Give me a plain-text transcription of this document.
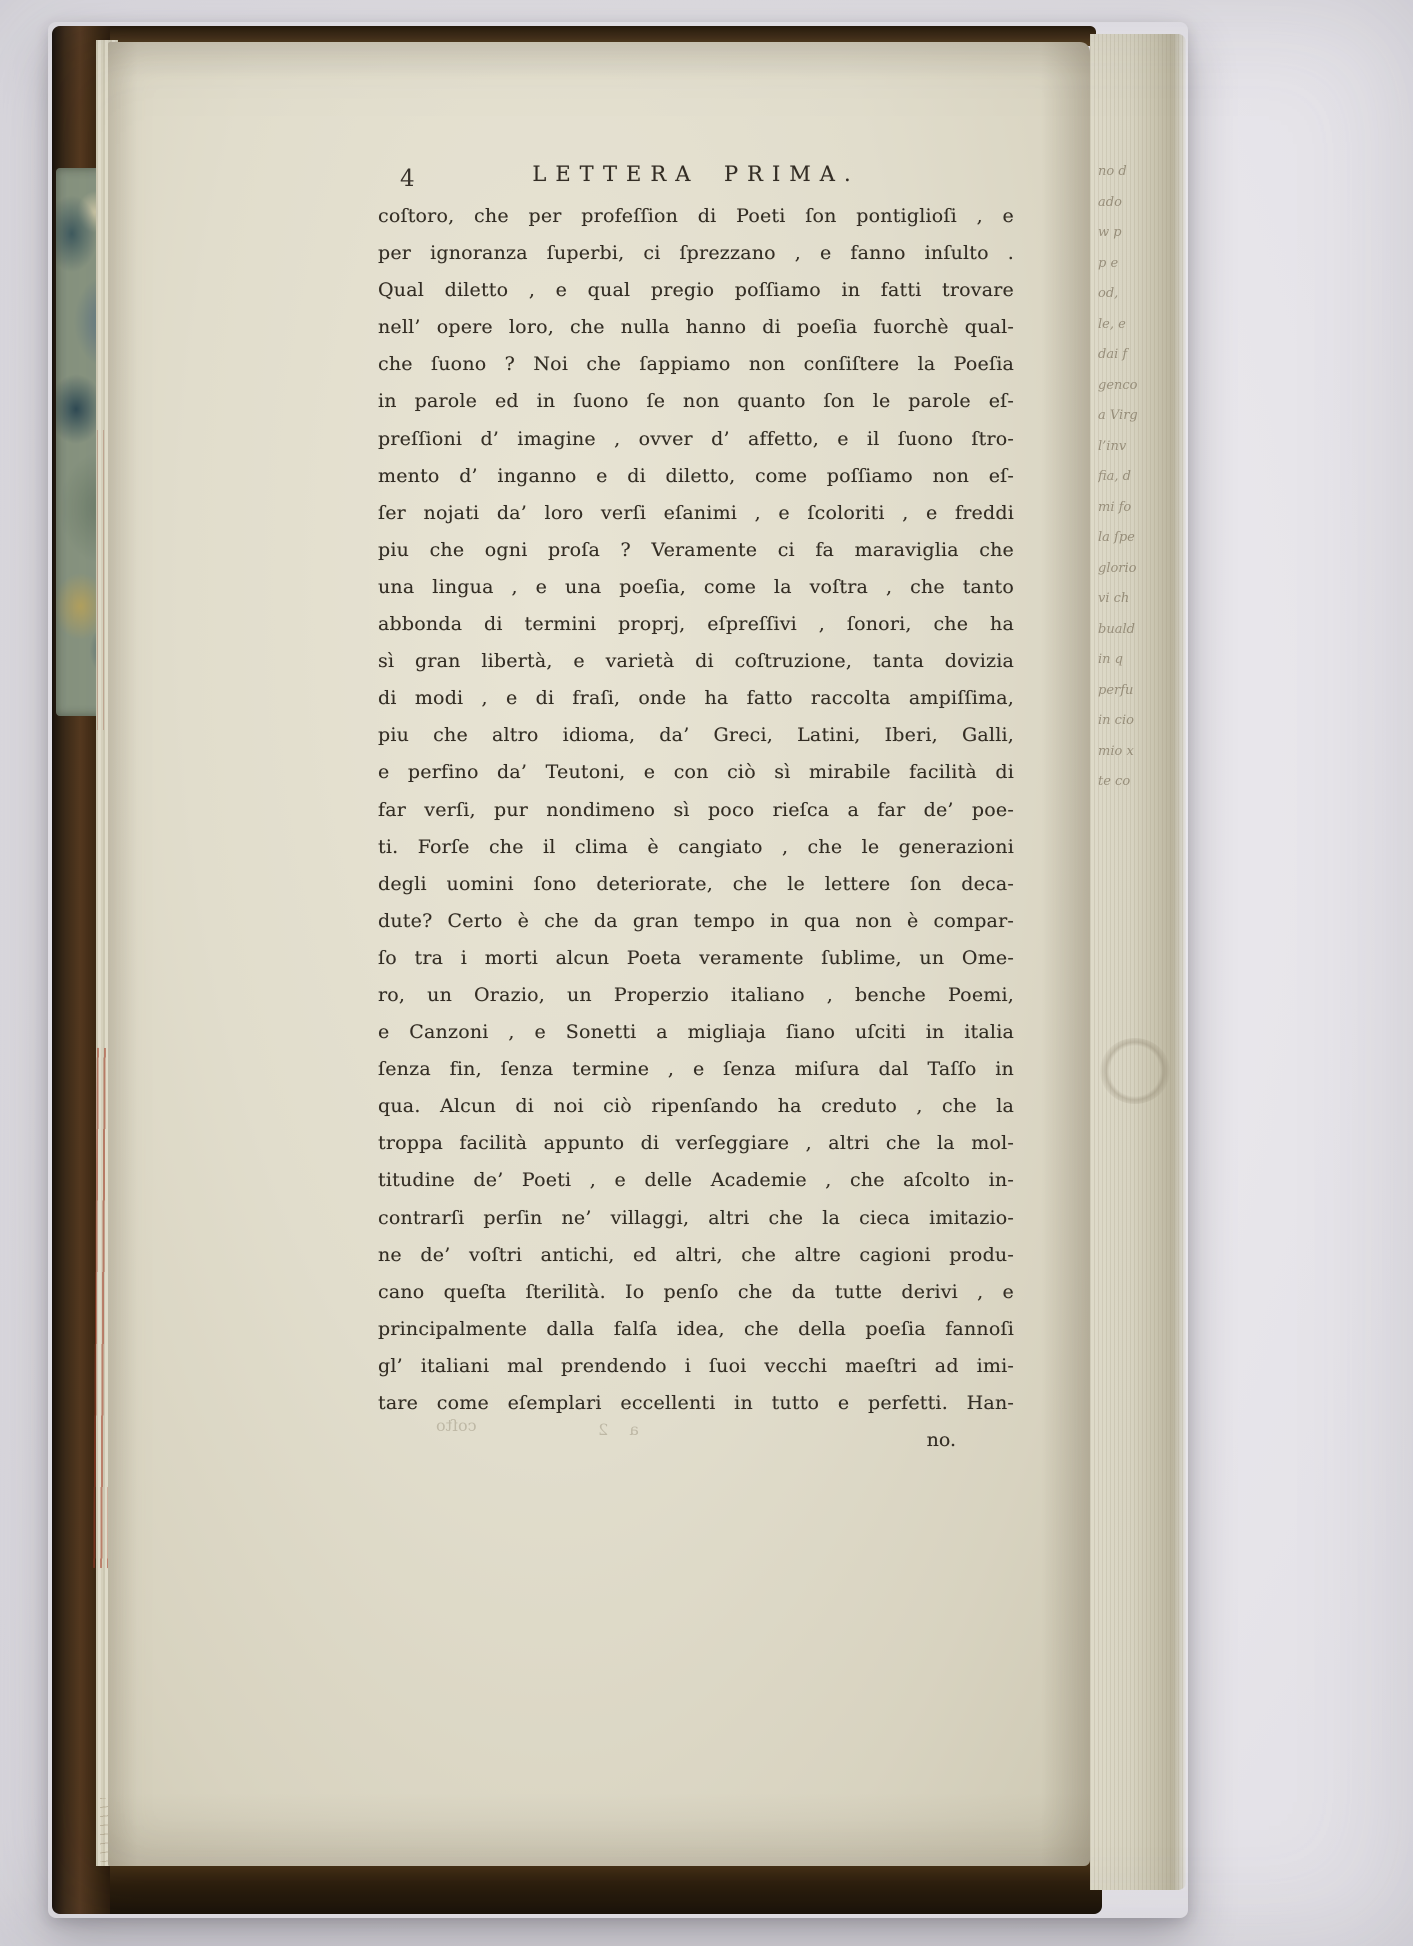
4	LETTERA PRIMA.
coſtoro, che per profeſſion di Poeti ſon pontiglioſi , e
per ignoranza ſuperbi, ci ſprezzano , e fanno inſulto .
Qual diletto , e qual pregio poſſiamo in fatti trovare
nell’ opere loro, che nulla hanno di poeſia fuorchè qual-
che ſuono ? Noi che ſappiamo non conſiſtere la Poeſia
in parole ed in ſuono ſe non quanto ſon le parole eſ-
preſſioni d’ imagine , ovver d’ affetto, e il ſuono ſtro-
mento d’ inganno e di diletto, come poſſiamo non eſ-
ſer nojati da’ loro verſi eſanimi , e ſcoloriti , e freddi
piu che ogni proſa ? Veramente ci fa maraviglia che
una lingua , e una poeſia, come la voſtra , che tanto
abbonda di termini proprj, eſpreſſivi , ſonori, che ha
sì gran libertà, e varietà di coſtruzione, tanta dovizia
di modi , e di fraſi, onde ha fatto raccolta ampiſſima,
piu che altro idioma, da’ Greci, Latini, Iberi, Galli,
e perfino da’ Teutoni, e con ciò sì mirabile facilità di
far verſi, pur nondimeno sì poco rieſca a far de’ poe-
ti. Forſe che il clima è cangiato , che le generazioni
degli uomini ſono deteriorate, che le lettere ſon deca-
dute? Certo è che da gran tempo in qua non è compar-
ſo tra i morti alcun Poeta veramente ſublime, un Ome-
ro, un Orazio, un Properzio italiano , benche Poemi,
e Canzoni , e Sonetti a migliaja ſiano uſciti in italia
ſenza fin, ſenza termine , e ſenza miſura dal Taſſo in
qua. Alcun di noi ciò ripenſando ha creduto , che la
troppa facilità appunto di verſeggiare , altri che la mol-
titudine de’ Poeti , e delle Academie , che aſcolto in-
contrarſi perſin ne’ villaggi, altri che la cieca imitazio-
ne de’ voſtri antichi, ed altri, che altre cagioni produ-
cano queſta ſterilità. Io penſo che da tutte derivi , e
principalmente dalla falſa idea, che della poeſia fannoſi
gl’ italiani mal prendendo i ſuoi vecchi maeſtri ad imi-
tare come eſemplari eccellenti in tutto e perfetti. Han-
no.
coſto	a 2
no d
ado
w p
p e
od,
le, e
dai f
genco
a Virg
l’inv
fia, d
mi fo
la ſpe
glorio
vi ch
buald
in q
perfu
in cio
mio x
te co
